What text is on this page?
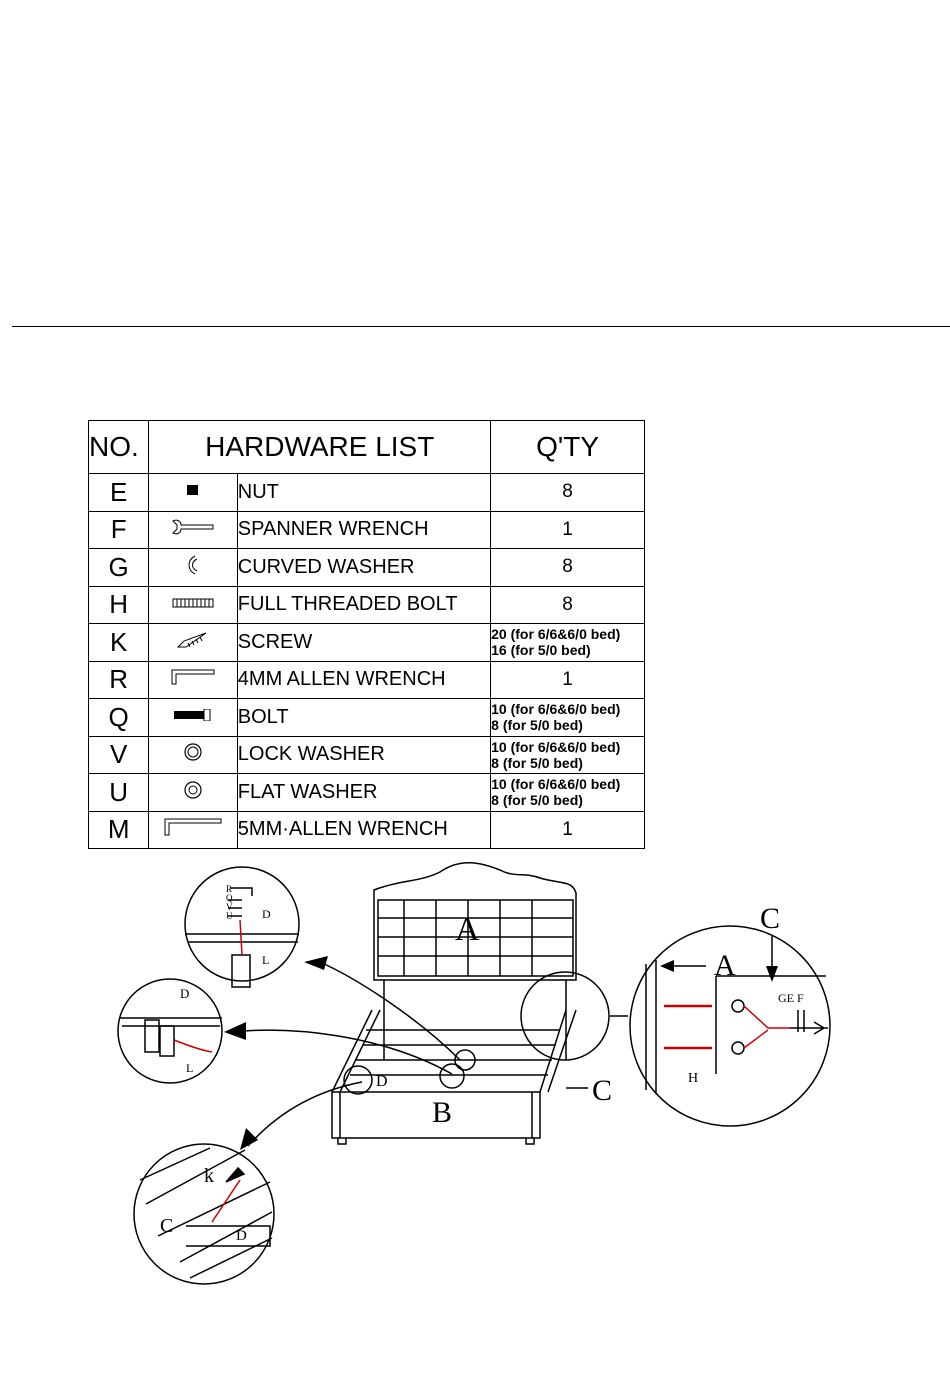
NO.	HARDWARE LIST		Q'TY
E		NUT	8
F		SPANNER WRENCH	1
G		CURVED WASHER	8
H		FULL THREADED BOLT	8
K		SCREW	20 (for 6/6&6/0 bed)
16 (for 5/0 bed)

R		4MM ALLEN WRENCH	1
Q		BOLT	10 (for 6/6&6/0 bed)
8 (for 5/0 bed)

V		LOCK WASHER	10 (for 6/6&6/0 bed)
8 (for 5/0 bed)

U		FLAT WASHER	10 (for 6/6&6/0 bed)
8 (for 5/0 bed)

M		5MM·ALLEN WRENCH	1
A
B
C
D
A
C
H
GE F
L
L
D
D
D
C
k
R
Q
V
U
